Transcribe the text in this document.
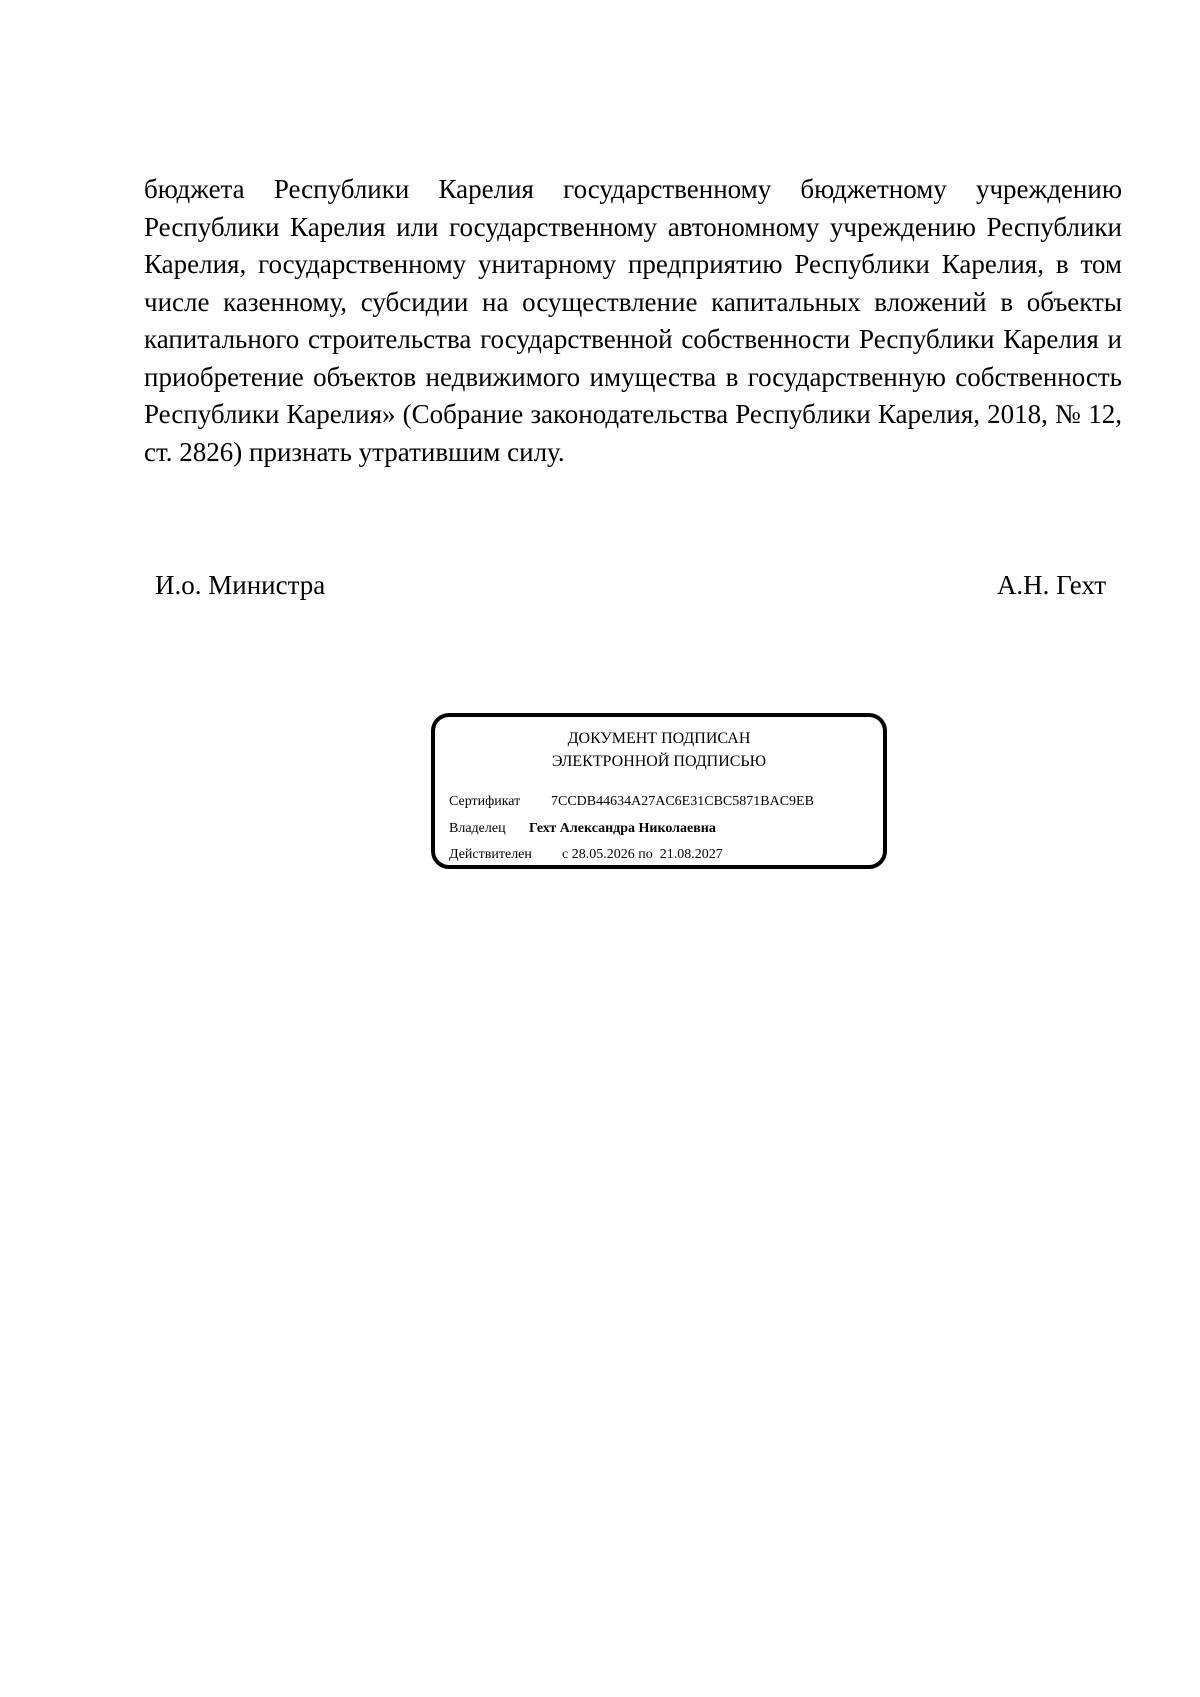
бюджета Республики Карелия государственному бюджетному учреждению Республики Карелия или государственному автономному учреждению Республики Карелия, государственному унитарному предприятию Республики Карелия, в том числе казенному, субсидии на осуществление капитальных вложений в объекты капитального строительства государственной собственности Республики Карелия и приобретение объектов недвижимого имущества в государственную собственность Республики Карелия» (Собрание законодательства Республики Карелия, 2018, № 12, ст. 2826) признать утратившим силу.

И.о. Министра	А.Н. Гехт
ДОКУМЕНТ ПОДПИСАН
ЭЛЕКТРОННОЙ ПОДПИСЬЮ
Сертификат 7CCDB44634A27AC6E31CBC5871BAC9EB
Владелец Гехт Александра Николаевна
Действителен с 28.05.2026 по 21.08.2027
